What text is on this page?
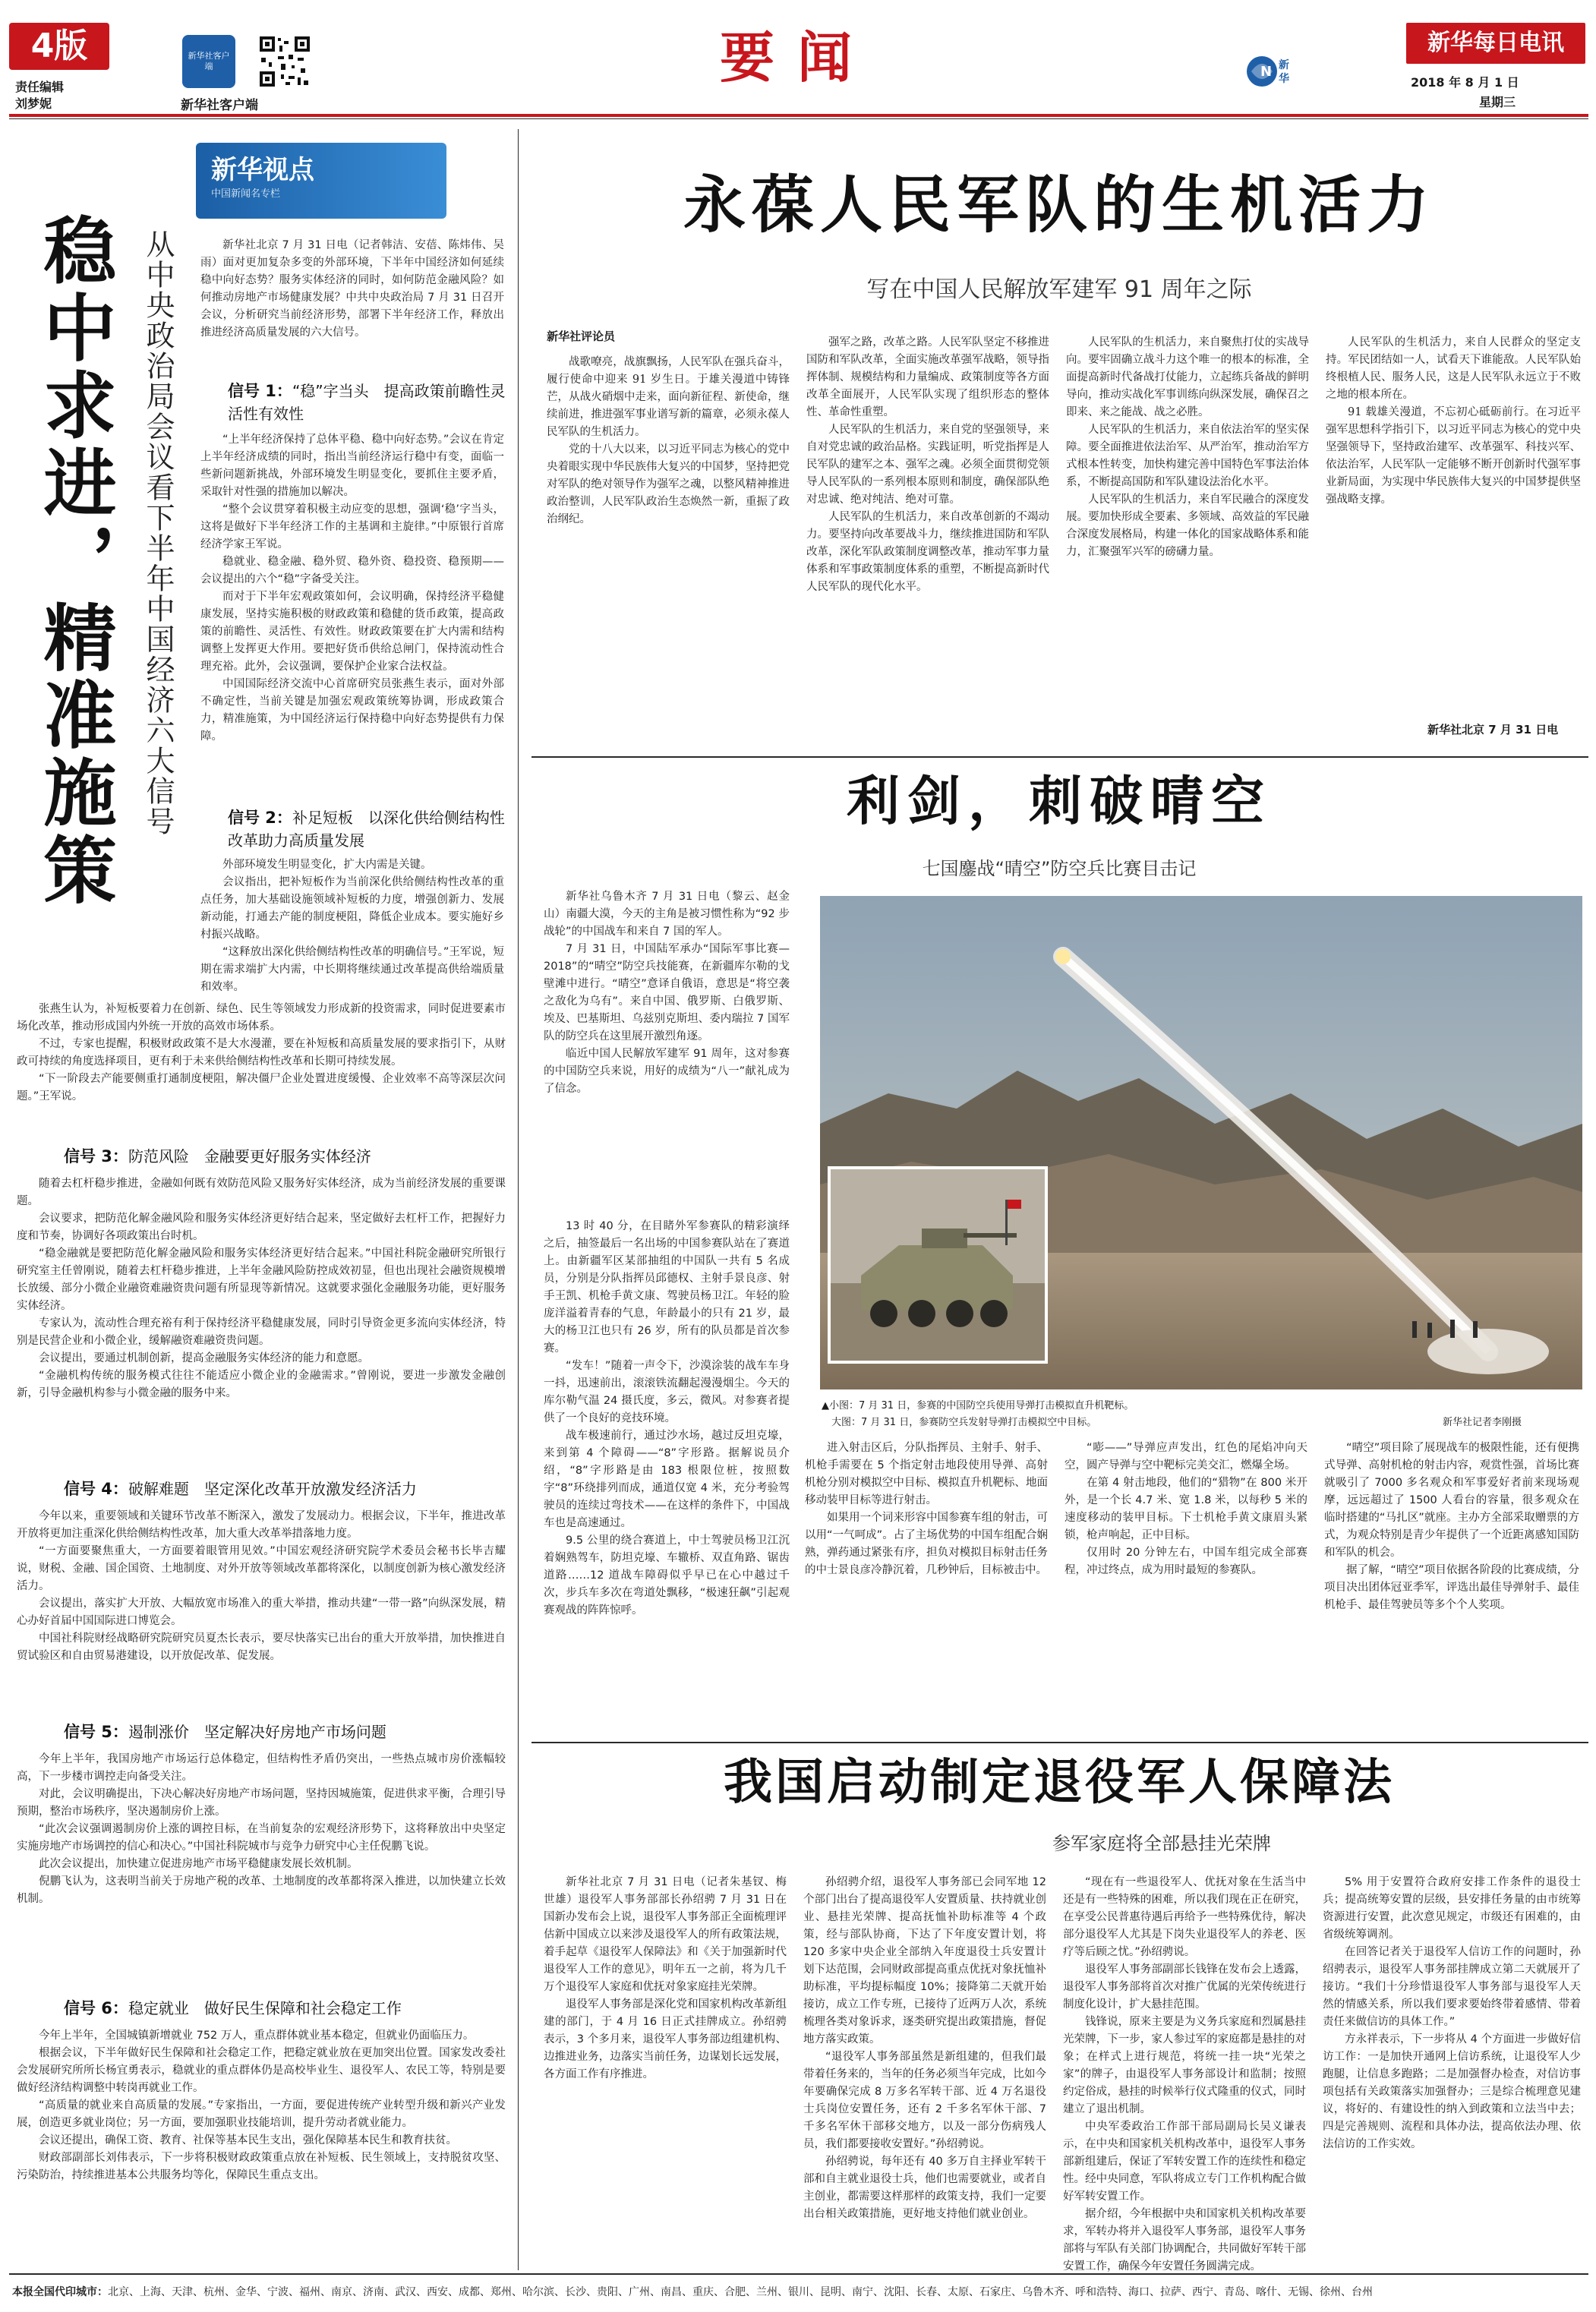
4版
责任编辑
刘梦妮
新华社客户端
新华社客户端
要闻	N 新
华
新华每日电讯
2018 年 8 月 1 日
星期三
新华视点
中国新闻名专栏
稳中求进，精准施策 从中央政治局会议看下半年中国经济六大信号	新华社北京 7 月 31 日电（记者韩洁、安蓓、陈炜伟、吴雨）面对更加复杂多变的外部环境，下半年中国经济如何延续稳中向好态势？服务实体经济的同时，如何防范金融风险？如何推动房地产市场健康发展？中共中央政治局 7 月 31 日召开会议，分析研究当前经济形势，部署下半年经济工作，释放出推进经济高质量发展的六大信号。

信号 1：“稳”字当头　提高政策前瞻性灵活性有效性

“上半年经济保持了总体平稳、稳中向好态势。”会议在肯定上半年经济成绩的同时，指出当前经济运行稳中有变，面临一些新问题新挑战，外部环境发生明显变化，要抓住主要矛盾，采取针对性强的措施加以解决。

“整个会议贯穿着积极主动应变的思想，强调‘稳’字当头，这将是做好下半年经济工作的主基调和主旋律。”中原银行首席经济学家王军说。

稳就业、稳金融、稳外贸、稳外资、稳投资、稳预期——会议提出的六个“稳”字备受关注。

而对于下半年宏观政策如何，会议明确，保持经济平稳健康发展，坚持实施积极的财政政策和稳健的货币政策，提高政策的前瞻性、灵活性、有效性。财政政策要在扩大内需和结构调整上发挥更大作用。要把好货币供给总闸门，保持流动性合理充裕。此外，会议强调，要保护企业家合法权益。

中国国际经济交流中心首席研究员张燕生表示，面对外部不确定性，当前关键是加强宏观政策统筹协调，形成政策合力，精准施策，为中国经济运行保持稳中向好态势提供有力保障。

信号 2：补足短板　以深化供给侧结构性改革助力高质量发展

外部环境发生明显变化，扩大内需是关键。

会议指出，把补短板作为当前深化供给侧结构性改革的重点任务，加大基础设施领域补短板的力度，增强创新力、发展新动能，打通去产能的制度梗阻，降低企业成本。要实施好乡村振兴战略。

“这释放出深化供给侧结构性改革的明确信号。”王军说，短期在需求端扩大内需，中长期将继续通过改革提高供给端质量和效率。

张燕生认为，补短板要着力在创新、绿色、民生等领域发力形成新的投资需求，同时促进要素市场化改革，推动形成国内外统一开放的高效市场体系。

不过，专家也提醒，积极财政政策不是大水漫灌，要在补短板和高质量发展的要求指引下，从财政可持续的角度选择项目，更有利于未来供给侧结构性改革和长期可持续发展。

“下一阶段去产能要侧重打通制度梗阻，解决僵尸企业处置进度缓慢、企业效率不高等深层次问题。”王军说。

信号 3：防范风险　金融要更好服务实体经济

随着去杠杆稳步推进，金融如何既有效防范风险又服务好实体经济，成为当前经济发展的重要课题。

会议要求，把防范化解金融风险和服务实体经济更好结合起来，坚定做好去杠杆工作，把握好力度和节奏，协调好各项政策出台时机。

“稳金融就是要把防范化解金融风险和服务实体经济更好结合起来。”中国社科院金融研究所银行研究室主任曾刚说，随着去杠杆稳步推进，上半年金融风险防控成效初显，但也出现社会融资规模增长放缓、部分小微企业融资难融资贵问题有所显现等新情况。这就要求强化金融服务功能，更好服务实体经济。

专家认为，流动性合理充裕有利于保持经济平稳健康发展，同时引导资金更多流向实体经济，特别是民营企业和小微企业，缓解融资难融资贵问题。

会议提出，要通过机制创新，提高金融服务实体经济的能力和意愿。

“金融机构传统的服务模式往往不能适应小微企业的金融需求。”曾刚说，要进一步激发金融创新，引导金融机构参与小微金融的服务中来。

信号 4：破解难题　坚定深化改革开放激发经济活力

今年以来，重要领域和关键环节改革不断深入，激发了发展动力。根据会议，下半年，推进改革开放将更加注重深化供给侧结构性改革，加大重大改革举措落地力度。

“一方面要聚焦重大，一方面要着眼管用见效。”中国宏观经济研究院学术委员会秘书长毕吉耀说，财税、金融、国企国资、土地制度、对外开放等领域改革都将深化，以制度创新为核心激发经济活力。

会议提出，落实扩大开放、大幅放宽市场准入的重大举措，推动共建“一带一路”向纵深发展，精心办好首届中国国际进口博览会。

中国社科院财经战略研究院研究员夏杰长表示，要尽快落实已出台的重大开放举措，加快推进自贸试验区和自由贸易港建设，以开放促改革、促发展。

信号 5：遏制涨价　坚定解决好房地产市场问题

今年上半年，我国房地产市场运行总体稳定，但结构性矛盾仍突出，一些热点城市房价涨幅较高，下一步楼市调控走向备受关注。

对此，会议明确提出，下决心解决好房地产市场问题，坚持因城施策，促进供求平衡，合理引导预期，整治市场秩序，坚决遏制房价上涨。

“此次会议强调遏制房价上涨的调控目标，在当前复杂的宏观经济形势下，这将释放出中央坚定实施房地产市场调控的信心和决心。”中国社科院城市与竞争力研究中心主任倪鹏飞说。

此次会议提出，加快建立促进房地产市场平稳健康发展长效机制。

倪鹏飞认为，这表明当前关于房地产税的改革、土地制度的改革都将深入推进，以加快建立长效机制。

信号 6：稳定就业　做好民生保障和社会稳定工作

今年上半年，全国城镇新增就业 752 万人，重点群体就业基本稳定，但就业仍面临压力。

根据会议，下半年做好民生保障和社会稳定工作，把稳定就业放在更加突出位置。国家发改委社会发展研究所所长杨宜勇表示，稳就业的重点群体仍是高校毕业生、退役军人、农民工等，特别是要做好经济结构调整中转岗再就业工作。

“高质量的就业来自高质量的发展。”专家指出，一方面，要促进传统产业转型升级和新兴产业发展，创造更多就业岗位；另一方面，要加强职业技能培训，提升劳动者就业能力。

会议还提出，确保工资、教育、社保等基本民生支出，强化保障基本民生和教育扶贫。

财政部副部长刘伟表示，下一步将积极财政政策重点放在补短板、民生领域上，支持脱贫攻坚、污染防治，持续推进基本公共服务均等化，保障民生重点支出。

永葆人民军队的生机活力
写在中国人民解放军建军 91 周年之际
新华社评论员

战歌嘹亮，战旗飘扬，人民军队在强兵奋斗，履行使命中迎来 91 岁生日。于雄关漫道中铸锋芒，从战火硝烟中走来，面向新征程、新使命，继续前进，推进强军事业谱写新的篇章，必须永葆人民军队的生机活力。

党的十八大以来，以习近平同志为核心的党中央着眼实现中华民族伟大复兴的中国梦，坚持把党对军队的绝对领导作为强军之魂，以整风精神推进政治整训，人民军队政治生态焕然一新，重振了政治纲纪。

强军之路，改革之路。人民军队坚定不移推进国防和军队改革，全面实施改革强军战略，领导指挥体制、规模结构和力量编成、政策制度等各方面改革全面展开，人民军队实现了组织形态的整体性、革命性重塑。

人民军队的生机活力，来自党的坚强领导，来自对党忠诚的政治品格。实践证明，听党指挥是人民军队的建军之本、强军之魂。必须全面贯彻党领导人民军队的一系列根本原则和制度，确保部队绝对忠诚、绝对纯洁、绝对可靠。

人民军队的生机活力，来自改革创新的不竭动力。要坚持向改革要战斗力，继续推进国防和军队改革，深化军队政策制度调整改革，推动军事力量体系和军事政策制度体系的重塑，不断提高新时代人民军队的现代化水平。

人民军队的生机活力，来自聚焦打仗的实战导向。要牢固确立战斗力这个唯一的根本的标准，全面提高新时代备战打仗能力，立起练兵备战的鲜明导向，推动实战化军事训练向纵深发展，确保召之即来、来之能战、战之必胜。

人民军队的生机活力，来自依法治军的坚实保障。要全面推进依法治军、从严治军，推动治军方式根本性转变，加快构建完善中国特色军事法治体系，不断提高国防和军队建设法治化水平。

人民军队的生机活力，来自军民融合的深度发展。要加快形成全要素、多领域、高效益的军民融合深度发展格局，构建一体化的国家战略体系和能力，汇聚强军兴军的磅礴力量。

人民军队的生机活力，来自人民群众的坚定支持。军民团结如一人，试看天下谁能敌。人民军队始终根植人民、服务人民，这是人民军队永远立于不败之地的根本所在。

91 载雄关漫道，不忘初心砥砺前行。在习近平强军思想科学指引下，以习近平同志为核心的党中央坚强领导下，坚持政治建军、改革强军、科技兴军、依法治军，人民军队一定能够不断开创新时代强军事业新局面，为实现中华民族伟大复兴的中国梦提供坚强战略支撑。

新华社北京 7 月 31 日电
利剑，刺破晴空
七国鏖战“晴空”防空兵比赛目击记

新华社乌鲁木齐 7 月 31 日电（黎云、赵金山）南疆大漠，今天的主角是被习惯性称为“92 步战轮”的中国战车和来自 7 国的军人。

7 月 31 日，中国陆军承办“国际军事比赛—2018”的“晴空”防空兵技能赛，在新疆库尔勒的戈壁滩中进行。“晴空”意译自俄语，意思是“将空袭之敌化为乌有”。来自中国、俄罗斯、白俄罗斯、埃及、巴基斯坦、乌兹别克斯坦、委内瑞拉 7 国军队的防空兵在这里展开激烈角逐。

临近中国人民解放军建军 91 周年，这对参赛的中国防空兵来说，用好的成绩为“八一”献礼成为了信念。

▲小图：7 月 31 日，参赛的中国防空兵使用导弹打击模拟直升机靶标。
　大图：7 月 31 日，参赛防空兵发射导弹打击模拟空中目标。	新华社记者李刚摄

13 时 40 分，在目睹外军参赛队的精彩演绎之后，抽签最后一名出场的中国参赛队站在了赛道上。由新疆军区某部抽组的中国队一共有 5 名成员，分别是分队指挥员邱德权、主射手景良彦、射手王凯、机枪手黄文康、驾驶员杨卫江。年轻的脸庞洋溢着青春的气息，年龄最小的只有 21 岁，最大的杨卫江也只有 26 岁，所有的队员都是首次参赛。

“发车！”随着一声令下，沙漠涂装的战车车身一抖，迅速前出，滚滚铁流翻起漫漫烟尘。今天的库尔勒气温 24 摄氏度，多云，微风。对参赛者提供了一个良好的竞技环境。

战车极速前行，通过沙水场，越过反坦克壕，来到第 4 个障碍——“8”字形路。据解说员介绍，“8”字形路是由 183 根限位桩，按照数字“8”环绕排列而成，通道仅宽 4 米，充分考验驾驶员的连续过弯技术——在这样的条件下，中国战车也是高速通过。

9.5 公里的绕合赛道上，中士驾驶员杨卫江沉着娴熟驾车，防坦克壕、车辙桥、双直角路、锯齿道路……12 道战车障碍似乎早已在心中越过千次，步兵车多次在弯道处飘移，“极速狂飙”引起观赛观战的阵阵惊呼。

进入射击区后，分队指挥员、主射手、射手、机枪手需要在 5 个指定射击地段使用导弹、高射机枪分别对模拟空中目标、模拟直升机靶标、地面移动装甲目标等进行射击。

如果用一个词来形容中国参赛车组的射击，可以用“一气呵成”。占了主场优势的中国车组配合娴熟，弹药通过紧张有序，担负对模拟目标射击任务的中士景良彦冷静沉着，几秒钟后，目标被击中。

“嘭——”导弹应声发出，红色的尾焰冲向天空，圆产导弹与空中靶标完美交汇，燃爆全场。

在第 4 射击地段，他们的“猎物”在 800 米开外，是一个长 4.7 米、宽 1.8 米，以每秒 5 米的速度移动的装甲目标。下士机枪手黄文康眉头紧锁，枪声响起，正中目标。

仅用时 20 分钟左右，中国车组完成全部赛程，冲过终点，成为用时最短的参赛队。

“晴空”项目除了展现战车的极限性能，还有便携式导弹、高射机枪的射击内容，观赏性强，首场比赛就吸引了 7000 多名观众和军事爱好者前来现场观摩，远远超过了 1500 人看台的容量，很多观众在临时搭建的“马扎区”就座。主办方全部采取赠票的方式，为观众特别是青少年提供了一个近距离感知国防和军队的机会。

据了解，“晴空”项目依据各阶段的比赛成绩，分项目决出团体冠亚季军，评选出最佳导弹射手、最佳机枪手、最佳驾驶员等多个个人奖项。

我国启动制定退役军人保障法
参军家庭将全部悬挂光荣牌

新华社北京 7 月 31 日电（记者朱基钗、梅世雄）退役军人事务部部长孙绍骋 7 月 31 日在国新办发布会上说，退役军人事务部正全面梳理评估新中国成立以来涉及退役军人的所有政策法规，着手起草《退役军人保障法》和《关于加强新时代退役军人工作的意见》，明年五一之前，将为几千万个退役军人家庭和优抚对象家庭挂光荣牌。

退役军人事务部是深化党和国家机构改革新组建的部门，于 4 月 16 日正式挂牌成立。孙绍骋表示，3 个多月来，退役军人事务部边组建机构、边推进业务，边落实当前任务，边谋划长远发展，各方面工作有序推进。

孙绍骋介绍，退役军人事务部已会同军地 12 个部门出台了提高退役军人安置质量、扶持就业创业、悬挂光荣牌、提高抚恤补助标准等 4 个政策，经与部队协商，下达了下年度安置计划，将 120 多家中央企业全部纳入年度退役士兵安置计划下达范围，会同财政部提高重点优抚对象抚恤补助标准，平均提标幅度 10%；接降第二天就开始接访，成立工作专班，已接待了近两万人次，系统梳理各类对象诉求，逐类研究提出政策措施，督促地方落实政策。

“退役军人事务部虽然是新组建的，但我们最带着任务来的，当年的任务必须当年完成，比如今年要确保完成 8 万多名军转干部、近 4 万名退役士兵岗位安置任务，还有 2 千多名军休干部、7 千多名军休干部移交地方，以及一部分伤病残人员，我们都要接收安置好。”孙绍骋说。

孙绍骋说，每年还有 40 多万自主择业军转干部和自主就业退役士兵，他们也需要就业，或者自主创业，都需要这样那样的政策支持，我们一定要出台相关政策措施，更好地支持他们就业创业。

“现在有一些退役军人、优抚对象在生活当中还是有一些特殊的困难，所以我们现在正在研究，在享受公民普惠待遇后再给予一些特殊优待，解决部分退役军人尤其是下岗失业退役军人的养老、医疗等后顾之忧。”孙绍骋说。

退役军人事务部副部长钱锋在发布会上透露，退役军人事务部将首次对推广优属的光荣传统进行制度化设计，扩大悬挂范围。

钱锋说，原来主要是为义务兵家庭和烈属悬挂光荣牌，下一步，家人参过军的家庭都是悬挂的对象；在样式上进行规范，将统一挂一块“光荣之家”的牌子，由退役军人事务部设计和监制；按照约定俗成，悬挂的时候举行仪式隆重的仪式，同时建立了退出机制。

中央军委政治工作部干部局副局长吴义谦表示，在中央和国家机关机构改革中，退役军人事务部新组建后，保证了军转安置工作的连续性和稳定性。经中央同意，军队将成立专门工作机构配合做好军转安置工作。

据介绍，今年根据中央和国家机关机构改革要求，军转办将并入退役军人事务部，退役军人事务部将与军队有关部门协调配合，共同做好军转干部安置工作，确保今年安置任务圆满完成。

5% 用于安置符合政府安排工作条件的退役士兵；提高统筹安置的层级，县安排任务量的由市统筹资源进行安置，此次意见规定，市级还有困难的，由省级统筹调剂。

在回答记者关于退役军人信访工作的问题时，孙绍骋表示，退役军人事务部挂牌成立第二天就展开了接访。“我们十分珍惜退役军人事务部与退役军人天然的情感关系，所以我们要求要始终带着感情、带着责任来做信访的具体工作。”

方永祥表示，下一步将从 4 个方面进一步做好信访工作：一是加快开通网上信访系统，让退役军人少跑腿，让信息多跑路；二是加强督办检查，对信访事项包括有关政策落实加强督办；三是综合梳理意见建议，将好的、有建设性的纳入到政策和立法当中去；四是完善规则、流程和具体办法，提高依法办理、依法信访的工作实效。

本报全国代印城市：北京、上海、天津、杭州、金华、宁波、福州、南京、济南、武汉、西安、成都、郑州、哈尔滨、长沙、贵阳、广州、南昌、重庆、合肥、兰州、银川、昆明、南宁、沈阳、长春、太原、石家庄、乌鲁木齐、呼和浩特、海口、拉萨、西宁、青岛、喀什、无锡、徐州、台州
